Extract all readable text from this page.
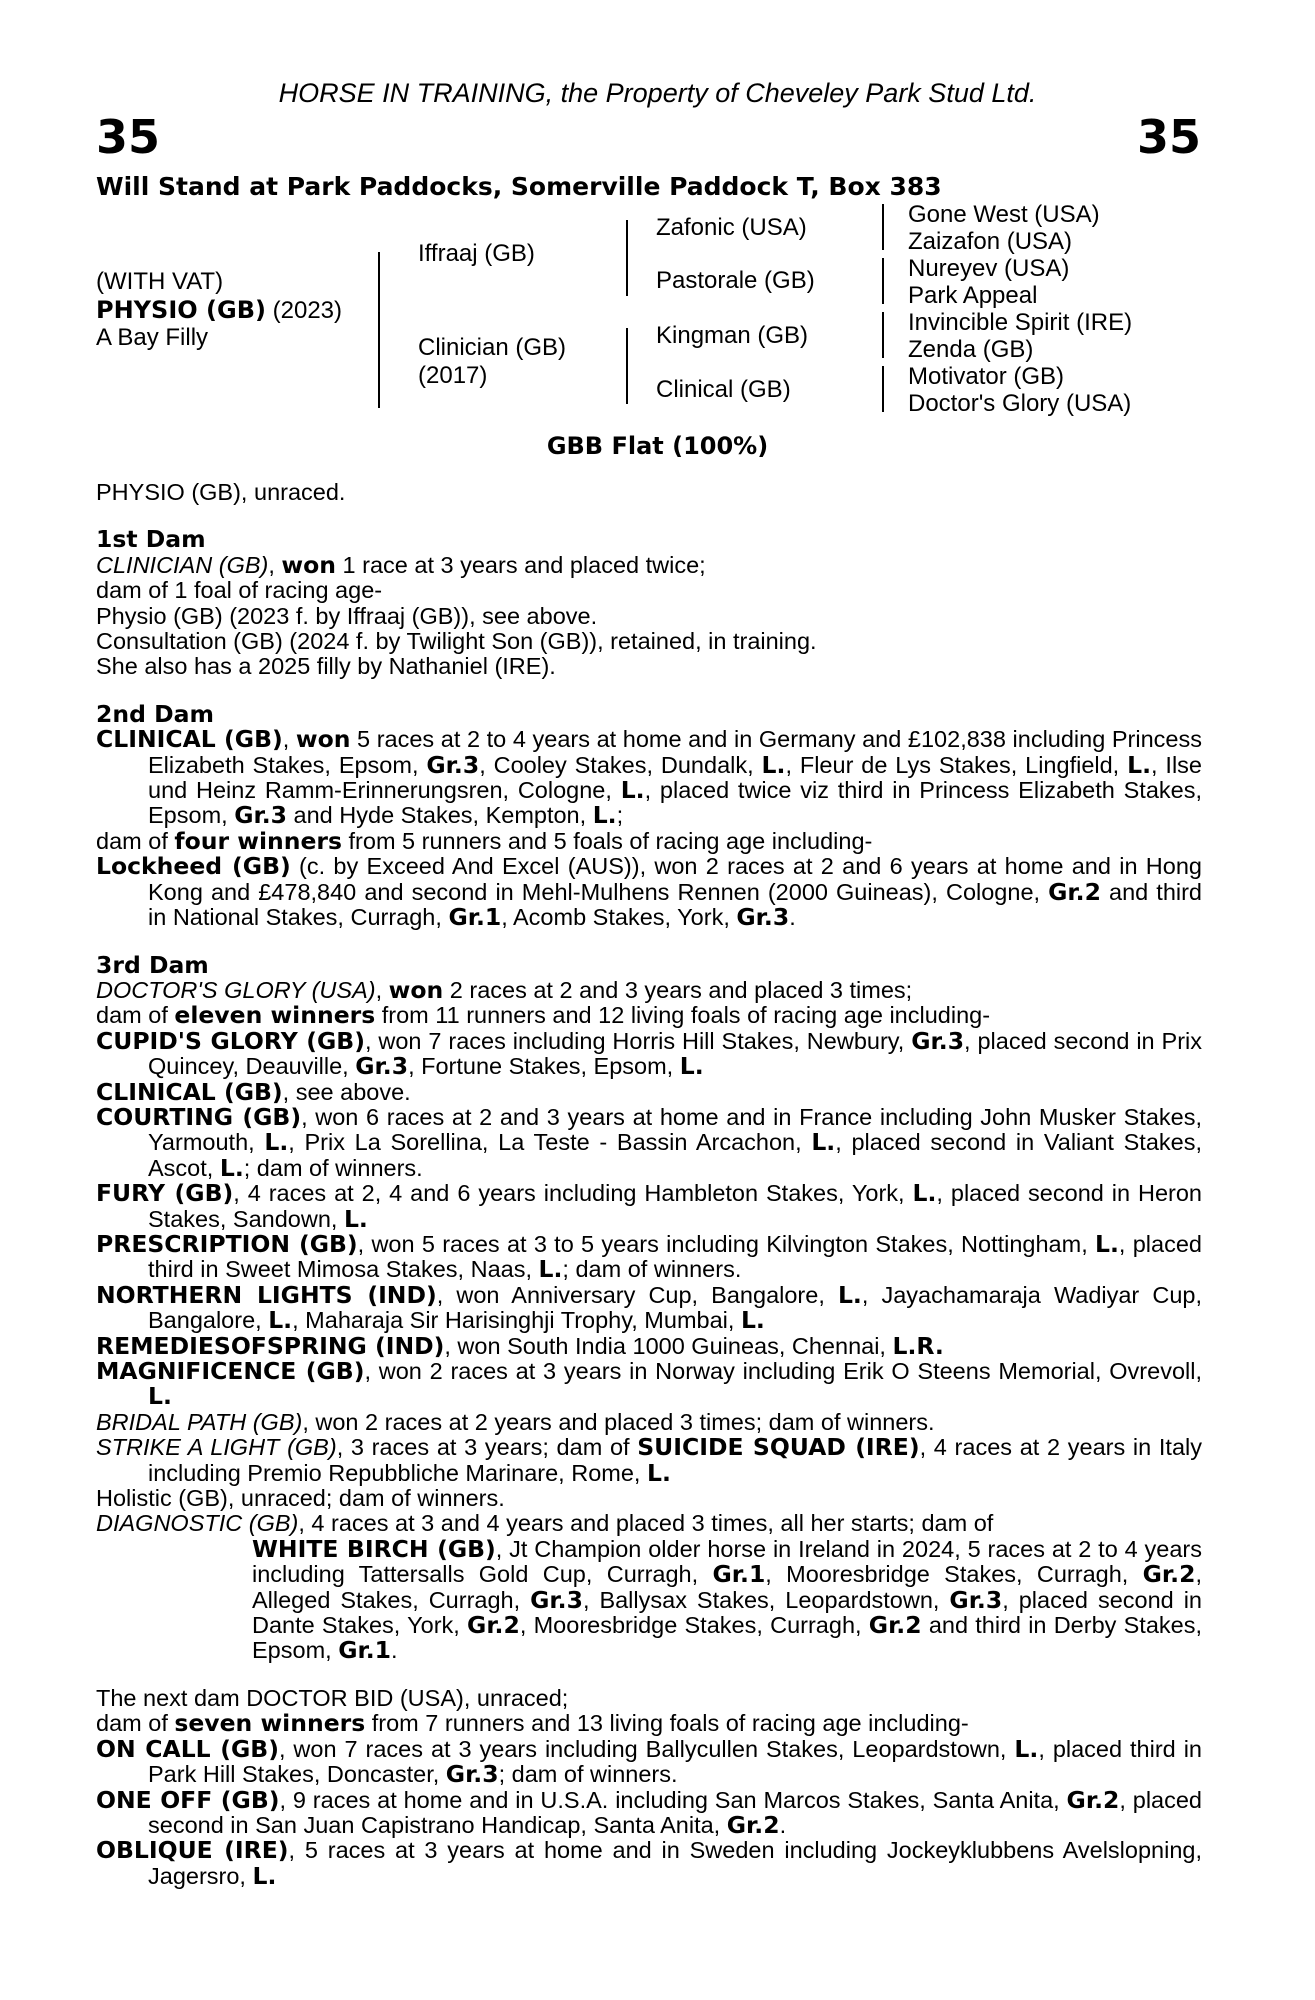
HORSE IN TRAINING, the Property of Cheveley Park Stud Ltd.
35	35
Will Stand at Park Paddocks, Somerville Paddock T, Box 383
(WITH VAT)
PHYSIO (GB) (2023)
A Bay Filly
Iffraaj (GB)
Clinician (GB)
(2017)
Zafonic (USA)
Pastorale (GB)
Kingman (GB)
Clinical (GB)
Gone West (USA)
Zaizafon (USA)
Nureyev (USA)
Park Appeal
Invincible Spirit (IRE)
Zenda (GB)
Motivator (GB)
Doctor's Glory (USA)
GBB Flat (100%)

PHYSIO (GB), unraced.

1st Dam

CLINICIAN (GB), won 1 race at 3 years and placed twice;

dam of 1 foal of racing age-

Physio (GB) (2023 f. by Iffraaj (GB)), see above.

Consultation (GB) (2024 f. by Twilight Son (GB)), retained, in training.

She also has a 2025 filly by Nathaniel (IRE).

2nd Dam

CLINICAL (GB), won 5 races at 2 to 4 years at home and in Germany and £102,838 including Princess Elizabeth Stakes, Epsom, Gr.3, Cooley Stakes, Dundalk, L., Fleur de Lys Stakes, Lingfield, L., Ilse und Heinz Ramm-Erinnerungsren, Cologne, L., placed twice viz third in Princess Elizabeth Stakes, Epsom, Gr.3 and Hyde Stakes, Kempton, L.;

dam of four winners from 5 runners and 5 foals of racing age including-

Lockheed (GB) (c. by Exceed And Excel (AUS)), won 2 races at 2 and 6 years at home and in Hong Kong and £478,840 and second in Mehl-Mulhens Rennen (2000 Guineas), Cologne, Gr.2 and third in National Stakes, Curragh, Gr.1, Acomb Stakes, York, Gr.3.

3rd Dam

DOCTOR'S GLORY (USA), won 2 races at 2 and 3 years and placed 3 times;

dam of eleven winners from 11 runners and 12 living foals of racing age including-

CUPID'S GLORY (GB), won 7 races including Horris Hill Stakes, Newbury, Gr.3, placed second in Prix Quincey, Deauville, Gr.3, Fortune Stakes, Epsom, L.

CLINICAL (GB), see above.

COURTING (GB), won 6 races at 2 and 3 years at home and in France including John Musker Stakes, Yarmouth, L., Prix La Sorellina, La Teste - Bassin Arcachon, L., placed second in Valiant Stakes, Ascot, L.; dam of winners.

FURY (GB), 4 races at 2, 4 and 6 years including Hambleton Stakes, York, L., placed second in Heron Stakes, Sandown, L.

PRESCRIPTION (GB), won 5 races at 3 to 5 years including Kilvington Stakes, Nottingham, L., placed third in Sweet Mimosa Stakes, Naas, L.; dam of winners.

NORTHERN LIGHTS (IND), won Anniversary Cup, Bangalore, L., Jayachamaraja Wadiyar Cup, Bangalore, L., Maharaja Sir Harisinghji Trophy, Mumbai, L.

REMEDIESOFSPRING (IND), won South India 1000 Guineas, Chennai, L.R.

MAGNIFICENCE (GB), won 2 races at 3 years in Norway including Erik O Steens Memorial, Ovrevoll, L.

BRIDAL PATH (GB), won 2 races at 2 years and placed 3 times; dam of winners.

STRIKE A LIGHT (GB), 3 races at 3 years; dam of SUICIDE SQUAD (IRE), 4 races at 2 years in Italy including Premio Repubbliche Marinare, Rome, L.

Holistic (GB), unraced; dam of winners.

DIAGNOSTIC (GB), 4 races at 3 and 4 years and placed 3 times, all her starts; dam of

WHITE BIRCH (GB), Jt Champion older horse in Ireland in 2024, 5 races at 2 to 4 years including Tattersalls Gold Cup, Curragh, Gr.1, Mooresbridge Stakes, Curragh, Gr.2, Alleged Stakes, Curragh, Gr.3, Ballysax Stakes, Leopardstown, Gr.3, placed second in Dante Stakes, York, Gr.2, Mooresbridge Stakes, Curragh, Gr.2 and third in Derby Stakes, Epsom, Gr.1.

The next dam DOCTOR BID (USA), unraced;

dam of seven winners from 7 runners and 13 living foals of racing age including-

ON CALL (GB), won 7 races at 3 years including Ballycullen Stakes, Leopardstown, L., placed third in Park Hill Stakes, Doncaster, Gr.3; dam of winners.

ONE OFF (GB), 9 races at home and in U.S.A. including San Marcos Stakes, Santa Anita, Gr.2, placed second in San Juan Capistrano Handicap, Santa Anita, Gr.2.

OBLIQUE (IRE), 5 races at 3 years at home and in Sweden including Jockeyklubbens Avelslopning, Jagersro, L.
